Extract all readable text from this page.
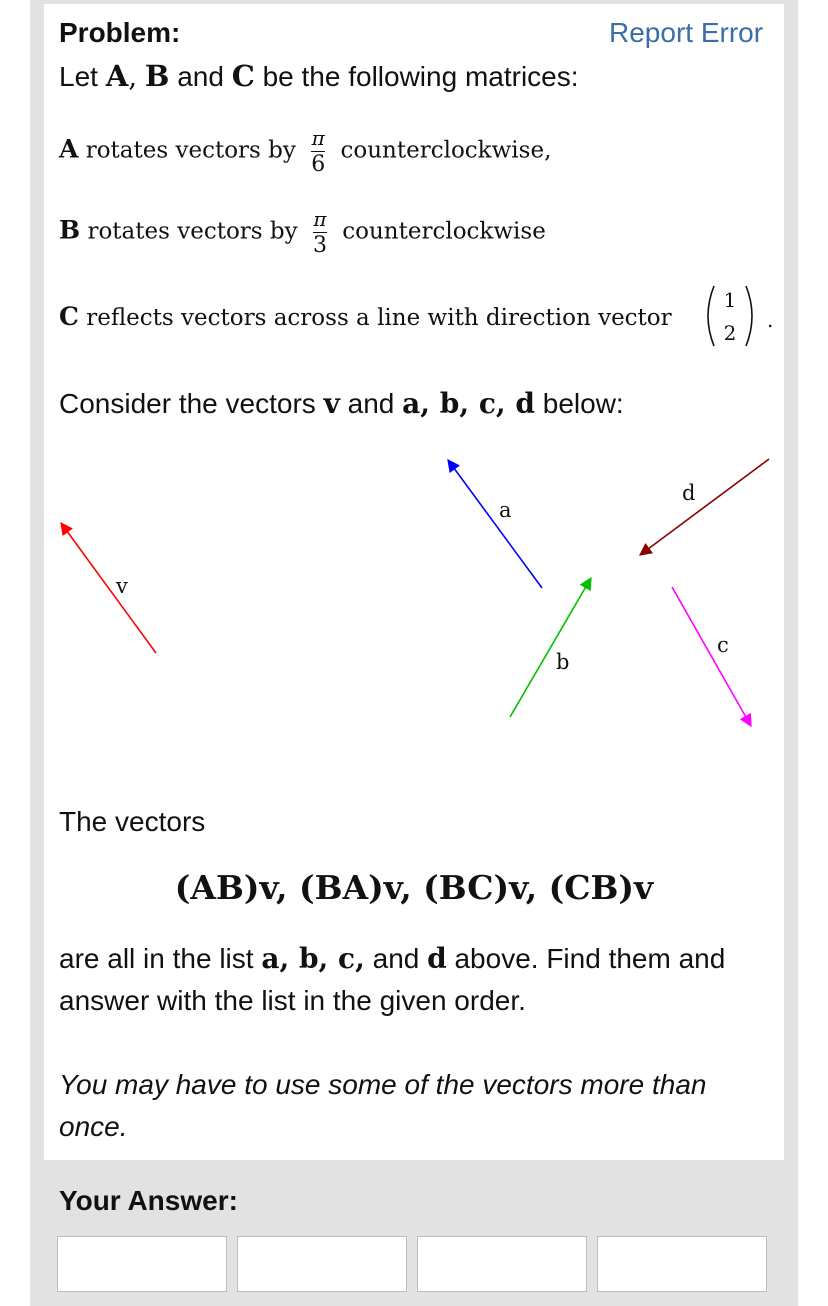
Problem:	Report Error
Let A, B and C be the following matrices:
A rotates vectors by $\frac{\pi}{6}$ counterclockwise,
B rotates vectors by $\frac{\pi}{3}$ counterclockwise
C reflects vectors across a line with direction vector
1
2
.
Consider the vectors v and a, b, c, d below:
v
a
b
c
d
The vectors
(AB)v, (BA)v, (BC)v, (CB)v
are all in the list a, b, c, and d above. Find them and
answer with the list in the given order.
You may have to use some of the vectors more than
once.
Your Answer:
